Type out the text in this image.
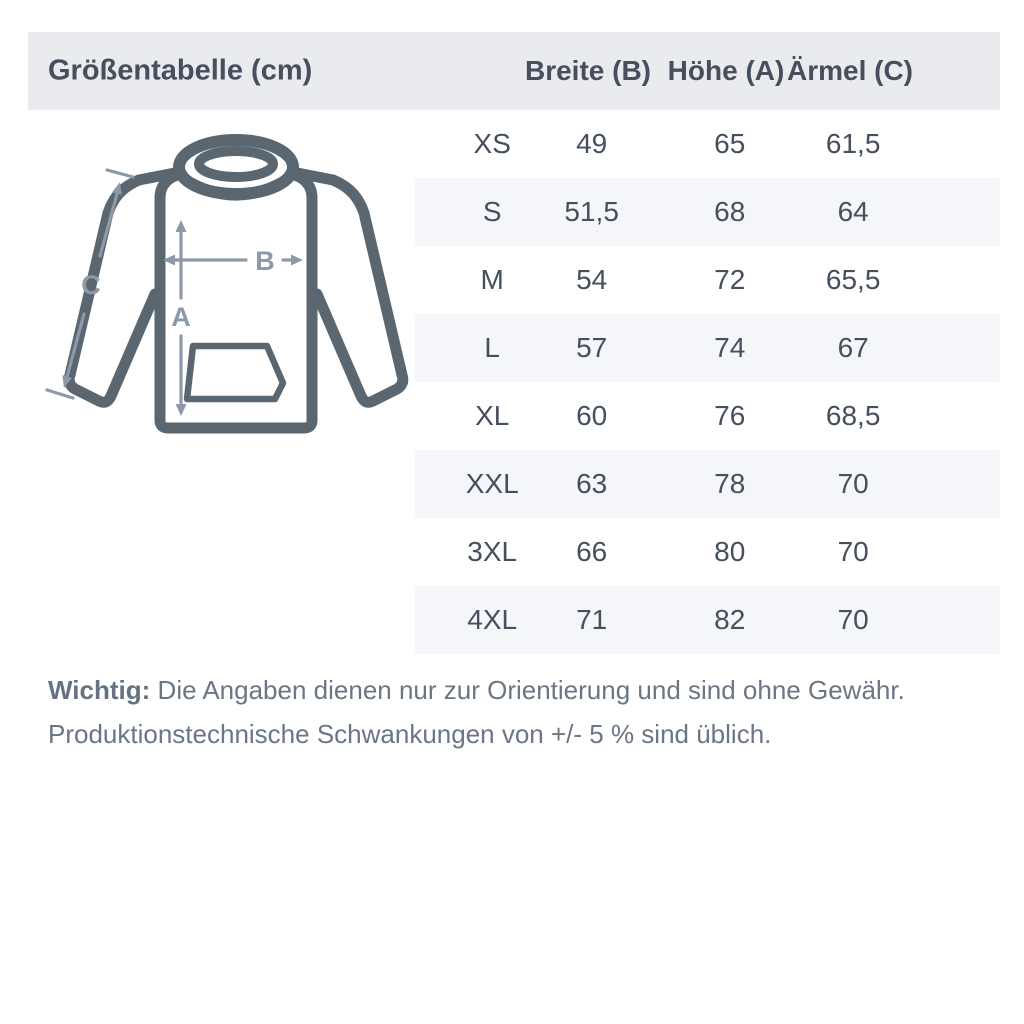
Größentabelle (cm)	Breite (B) Höhe (A) Ärmel (C)
XS 49	65	61,5
S 51,5	68	64
M	54	72	65,5
L	57	74	67
XL 60	76	68,5
XXL 63	78	70
3XL 66	80	70
4XL 71	82	70
A
B
C
Wichtig: Die Angaben dienen nur zur Orientierung und sind ohne Gewähr.
Produktionstechnische Schwankungen von +/- 5 % sind üblich.
